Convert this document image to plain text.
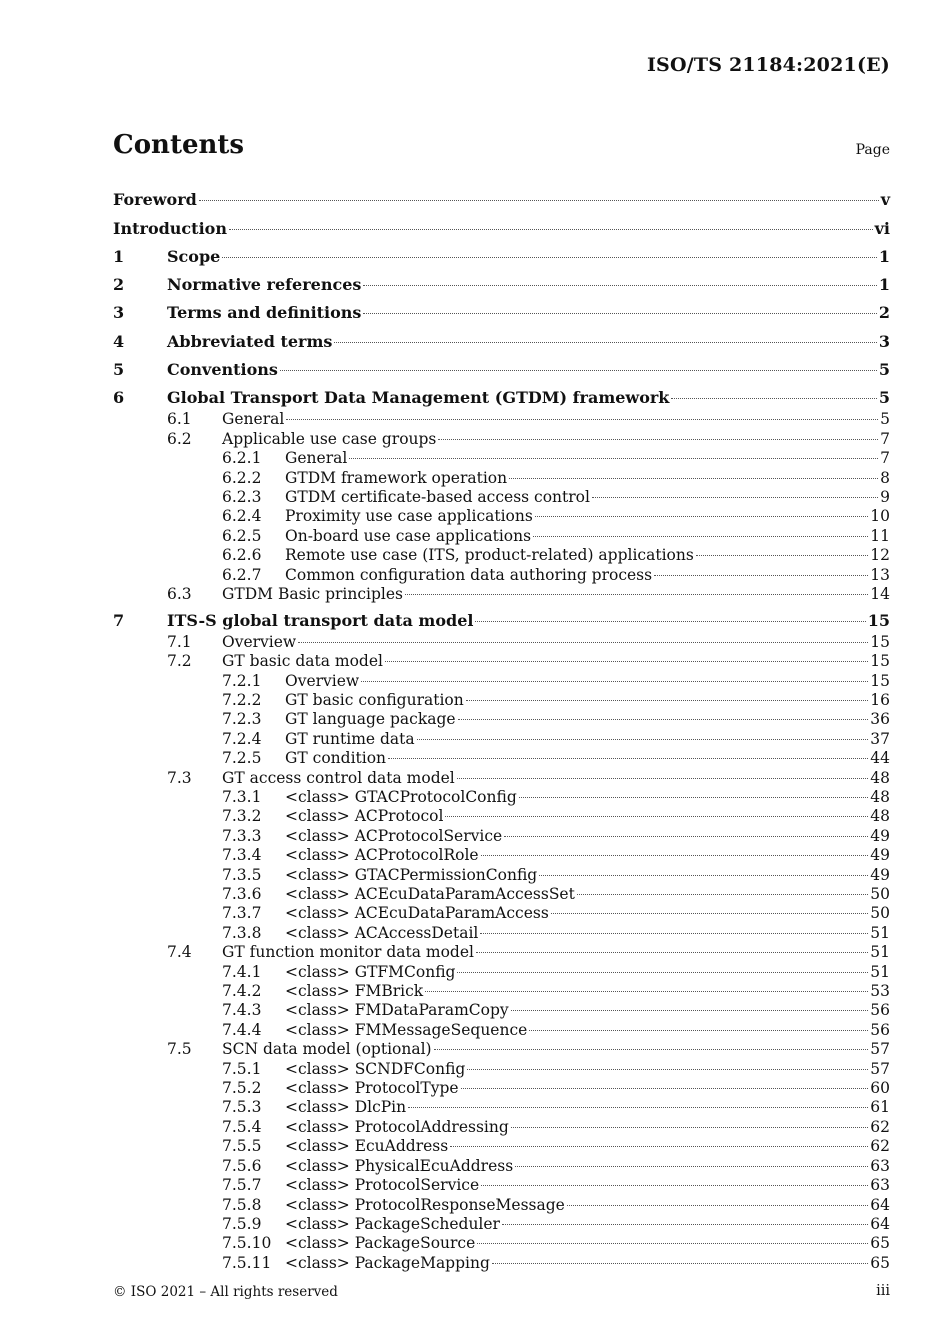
ISO/TS 21184:2021(E)
Contents	Page
Foreword	v
Introduction	vi
1	Scope	1
2	Normative references	1
3	Terms and definitions	2
4	Abbreviated terms	3
5	Conventions	5
6	Global Transport Data Management (GTDM) framework	5
6.1	General	5
6.2	Applicable use case groups	7
6.2.1	General	7
6.2.2	GTDM framework operation	8
6.2.3	GTDM certificate-based access control	9
6.2.4	Proximity use case applications	10
6.2.5	On-board use case applications	11
6.2.6	Remote use case (ITS, product-related) applications	12
6.2.7	Common configuration data authoring process	13
6.3	GTDM Basic principles	14
7	ITS-S global transport data model	15
7.1	Overview	15
7.2	GT basic data model	15
7.2.1	Overview	15
7.2.2	GT basic configuration	16
7.2.3	GT language package	36
7.2.4	GT runtime data	37
7.2.5	GT condition	44
7.3	GT access control data model	48
7.3.1	<class> GTACProtocolConfig	48
7.3.2	<class> ACProtocol	48
7.3.3	<class> ACProtocolService	49
7.3.4	<class> ACProtocolRole	49
7.3.5	<class> GTACPermissionConfig	49
7.3.6	<class> ACEcuDataParamAccessSet	50
7.3.7	<class> ACEcuDataParamAccess	50
7.3.8	<class> ACAccessDetail	51
7.4	GT function monitor data model	51
7.4.1	<class> GTFMConfig	51
7.4.2	<class> FMBrick	53
7.4.3	<class> FMDataParamCopy	56
7.4.4	<class> FMMessageSequence	56
7.5	SCN data model (optional)	57
7.5.1	<class> SCNDFConfig	57
7.5.2	<class> ProtocolType	60
7.5.3	<class> DlcPin	61
7.5.4	<class> ProtocolAddressing	62
7.5.5	<class> EcuAddress	62
7.5.6	<class> PhysicalEcuAddress	63
7.5.7	<class> ProtocolService	63
7.5.8	<class> ProtocolResponseMessage	64
7.5.9	<class> PackageScheduler	64
7.5.10 <class> PackageSource	65
7.5.11 <class> PackageMapping	65
© ISO 2021 – All rights reserved	iii
